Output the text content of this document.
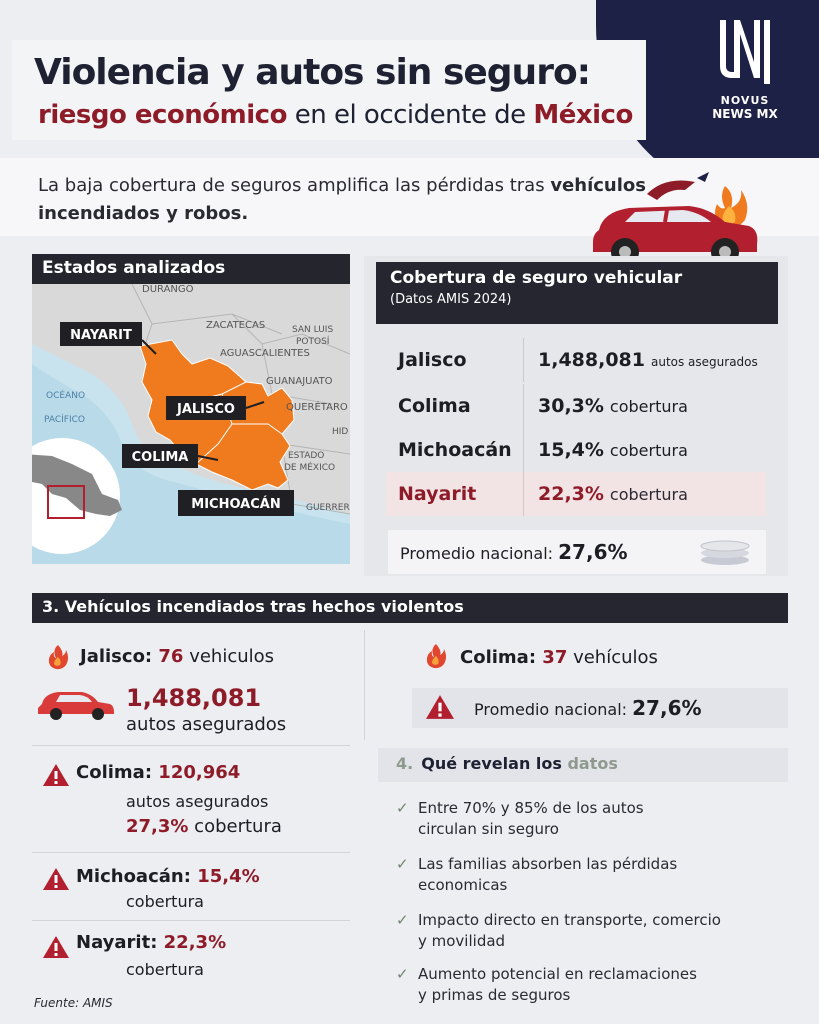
NOVUS
NEWS MX
Violencia y autos sin seguro:
riesgo económico en el occidente de México
La baja cobertura de seguros amplifica las pérdidas tras vehículos incendiados y robos.
Estados analizados
DURANGO
ZACATECAS	SAN LUIS
POTOSÍ
AGUASCALIENTES
GUANAJUATO
QUERÉTARO
HID
ESTADO
DE MÉXICO
GUERRER
OCÉANO
PACÍFICO
NAYARIT
JALISCO
COLIMA
MICHOACÁN
Cobertura de seguro vehicular
(Datos AMIS 2024)
Jalisco	1,488,081 autos asegurados
Colima	30,3% cobertura
Michoacán	15,4% cobertura
Nayarit	22,3% cobertura
Promedio nacional: 27,6%
3. Vehículos incendiados tras hechos violentos
Jalisco: 76 vehiculos
1,488,081
autos asegurados
Colima: 120,964
autos asegurados
27,3% cobertura
Michoacán: 15,4%
cobertura
Nayarit: 22,3%
cobertura
Colima: 37 vehículos
Promedio nacional: 27,6%
4. Qué revelan los datos
✓ Entre 70% y 85% de los autos
circulan sin seguro
✓ Las familias absorben las pérdidas
economicas
✓ Impacto directo en transporte, comercio
y movilidad
✓ Aumento potencial en reclamaciones
y primas de seguros
Fuente: AMIS
